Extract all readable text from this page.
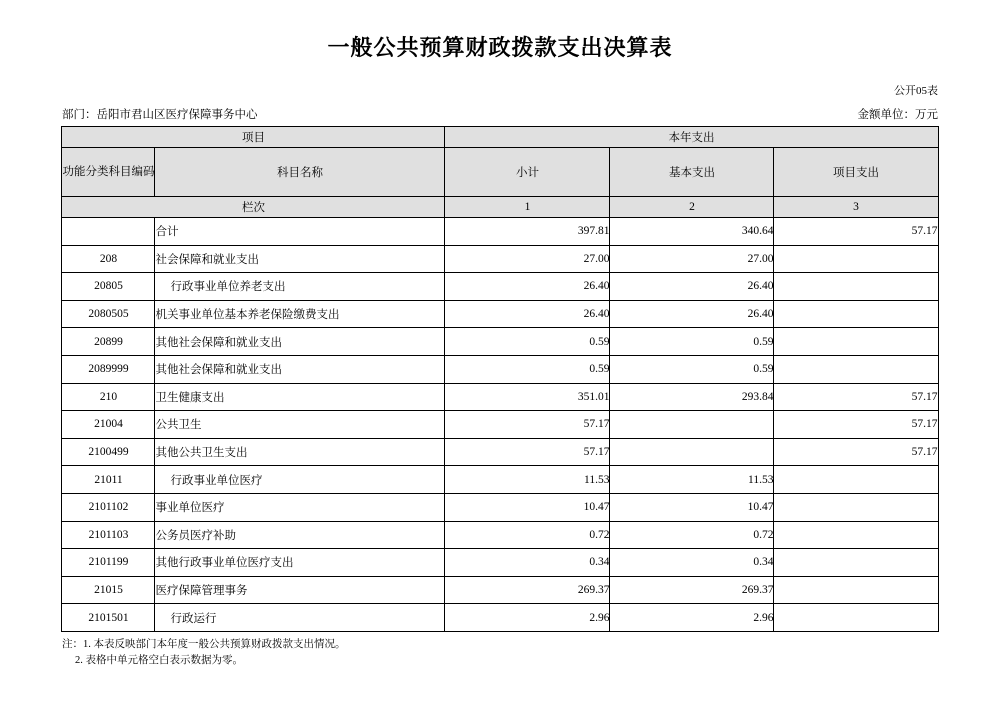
一般公共预算财政拨款支出决算表
公开05表
部门：岳阳市君山区医疗保障事务中心	金额单位：万元
项目		本年支出		
功能分类科目编码	科目名称	小计	基本支出	项目支出
栏次		1	2	3
	合计	397.81	340.64	57.17
208	社会保障和就业支出	27.00	27.00	
20805	行政事业单位养老支出	26.40	26.40	
2080505	机关事业单位基本养老保险缴费支出	26.40	26.40	
20899	其他社会保障和就业支出	0.59	0.59	
2089999	其他社会保障和就业支出	0.59	0.59	
210	卫生健康支出	351.01	293.84	57.17
21004	公共卫生	57.17		57.17
2100499	其他公共卫生支出	57.17		57.17
21011	行政事业单位医疗	11.53	11.53	
2101102	事业单位医疗	10.47	10.47	
2101103	公务员医疗补助	0.72	0.72	
2101199	其他行政事业单位医疗支出	0.34	0.34	
21015	医疗保障管理事务	269.37	269.37	
2101501	行政运行	2.96	2.96	
注：1. 本表反映部门本年度一般公共预算财政拨款支出情况。
2. 表格中单元格空白表示数据为零。
